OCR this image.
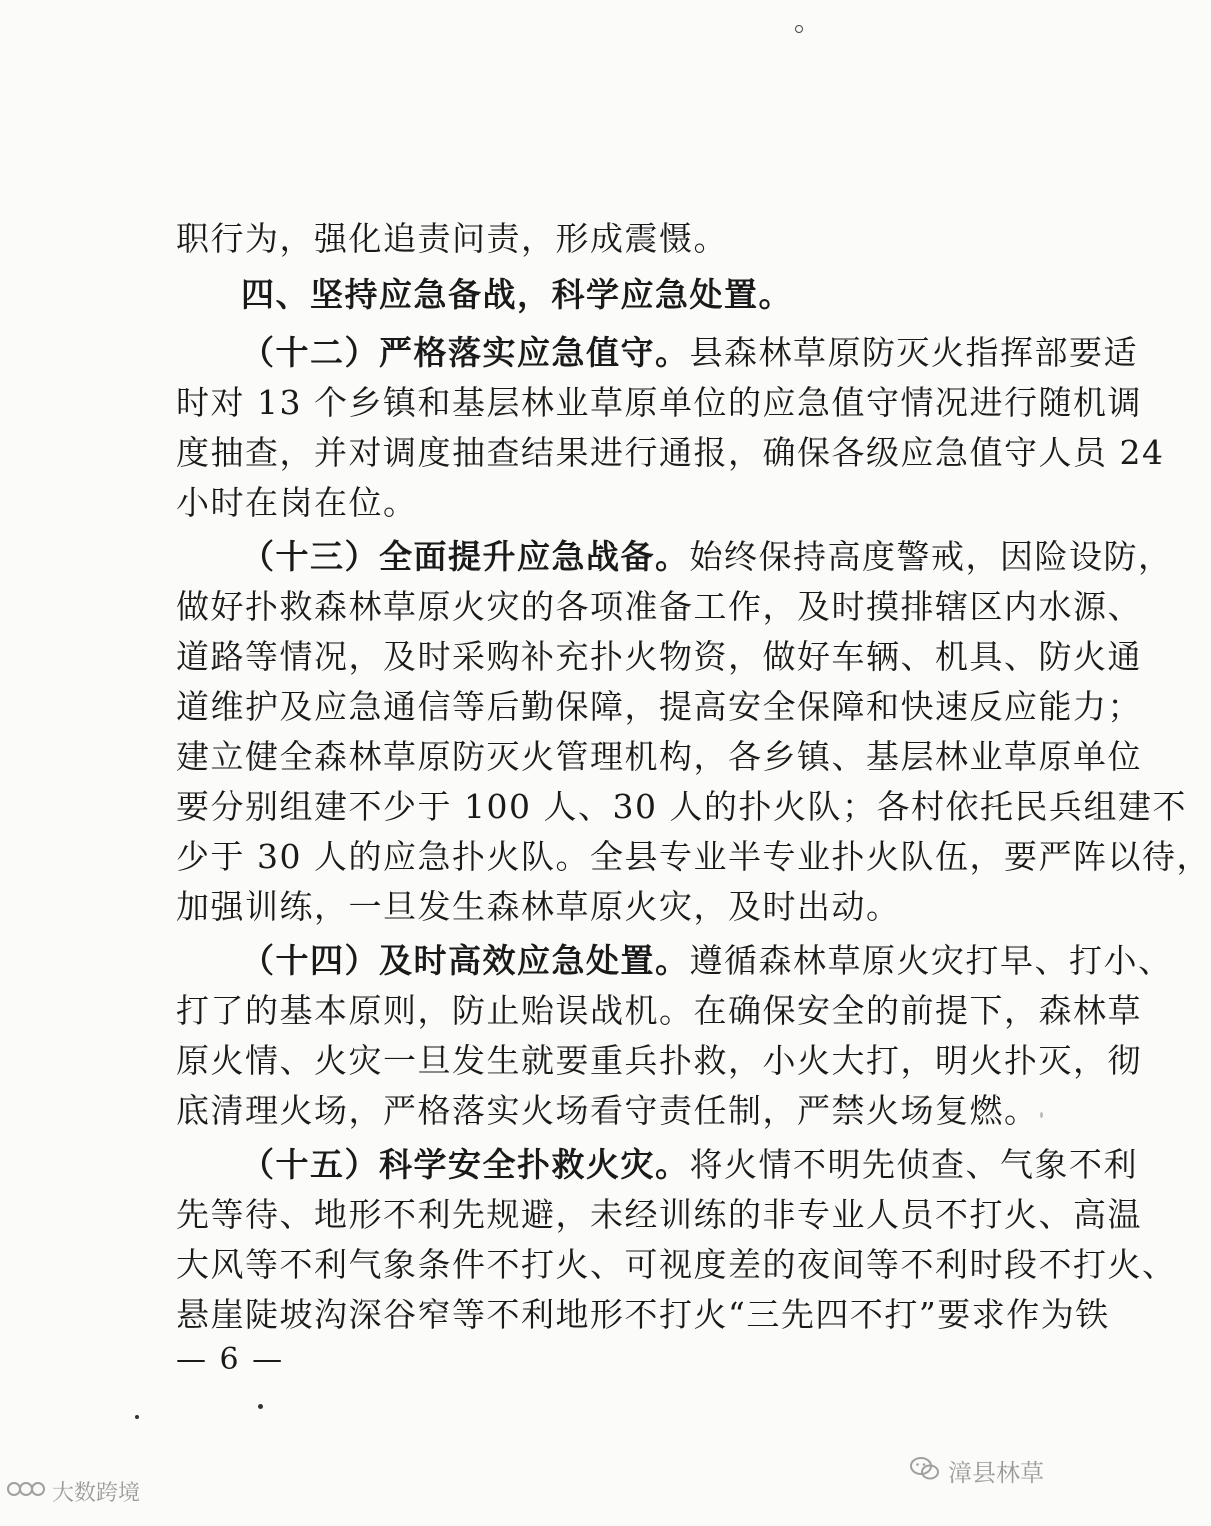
职行为，强化追责问责，形成震慑。
四、坚持应急备战，科学应急处置。
（十二）严格落实应急值守。县森林草原防灭火指挥部要适
时对 13 个乡镇和基层林业草原单位的应急值守情况进行随机调
度抽查，并对调度抽查结果进行通报，确保各级应急值守人员 24
小时在岗在位。
（十三）全面提升应急战备。始终保持高度警戒，因险设防，
做好扑救森林草原火灾的各项准备工作，及时摸排辖区内水源、
道路等情况，及时采购补充扑火物资，做好车辆、机具、防火通
道维护及应急通信等后勤保障，提高安全保障和快速反应能力；
建立健全森林草原防灭火管理机构，各乡镇、基层林业草原单位
要分别组建不少于 100 人、30 人的扑火队；各村依托民兵组建不
少于 30 人的应急扑火队。全县专业半专业扑火队伍，要严阵以待，
加强训练，一旦发生森林草原火灾，及时出动。
（十四）及时高效应急处置。遵循森林草原火灾打早、打小、
打了的基本原则，防止贻误战机。在确保安全的前提下，森林草
原火情、火灾一旦发生就要重兵扑救，小火大打，明火扑灭，彻
底清理火场，严格落实火场看守责任制，严禁火场复燃。
（十五）科学安全扑救火灾。将火情不明先侦查、气象不利
先等待、地形不利先规避，未经训练的非专业人员不打火、高温
大风等不利气象条件不打火、可视度差的夜间等不利时段不打火、
悬崖陡坡沟深谷窄等不利地形不打火“三先四不打”要求作为铁
— 6 —
漳县林草
大数跨境
